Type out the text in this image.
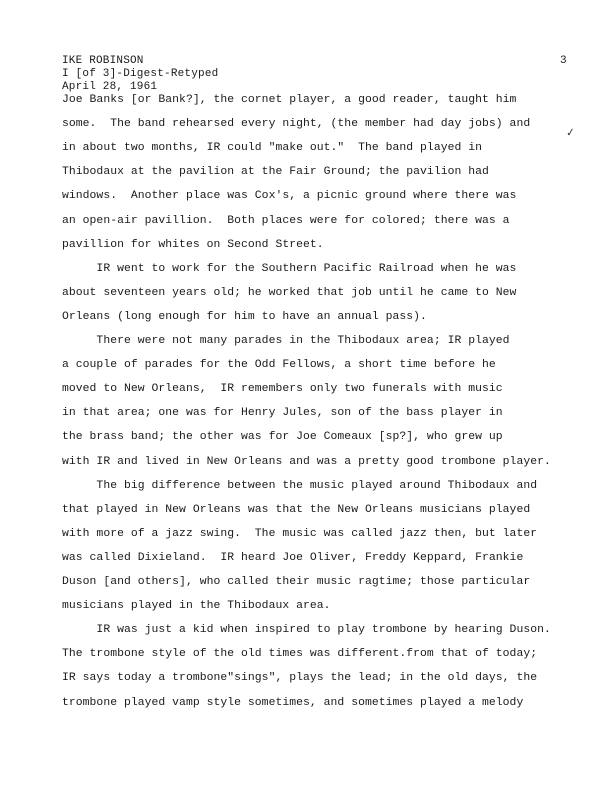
IKE ROBINSON
I [of 3]-Digest-Retyped
April 28, 1961
3
✓
Joe Banks [or Bank?], the cornet player, a good reader, taught him
some.  The band rehearsed every night, (the member had day jobs) and
in about two months, IR could "make out."  The band played in
Thibodaux at the pavilion at the Fair Ground; the pavilion had
windows.  Another place was Cox's, a picnic ground where there was
an open-air pavillion.  Both places were for colored; there was a
pavillion for whites on Second Street.
IR went to work for the Southern Pacific Railroad when he was
about seventeen years old; he worked that job until he came to New
Orleans (long enough for him to have an annual pass).
There were not many parades in the Thibodaux area; IR played
a couple of parades for the Odd Fellows, a short time before he
moved to New Orleans,  IR remembers only two funerals with music
in that area; one was for Henry Jules, son of the bass player in
the brass band; the other was for Joe Comeaux [sp?], who grew up
with IR and lived in New Orleans and was a pretty good trombone player.
The big difference between the music played around Thibodaux and
that played in New Orleans was that the New Orleans musicians played
with more of a jazz swing.  The music was called jazz then, but later
was called Dixieland.  IR heard Joe Oliver, Freddy Keppard, Frankie
Duson [and others], who called their music ragtime; those particular
musicians played in the Thibodaux area.
IR was just a kid when inspired to play trombone by hearing Duson.
The trombone style of the old times was different.from that of today;
IR says today a trombone"sings", plays the lead; in the old days, the
trombone played vamp style sometimes, and sometimes played a melody
